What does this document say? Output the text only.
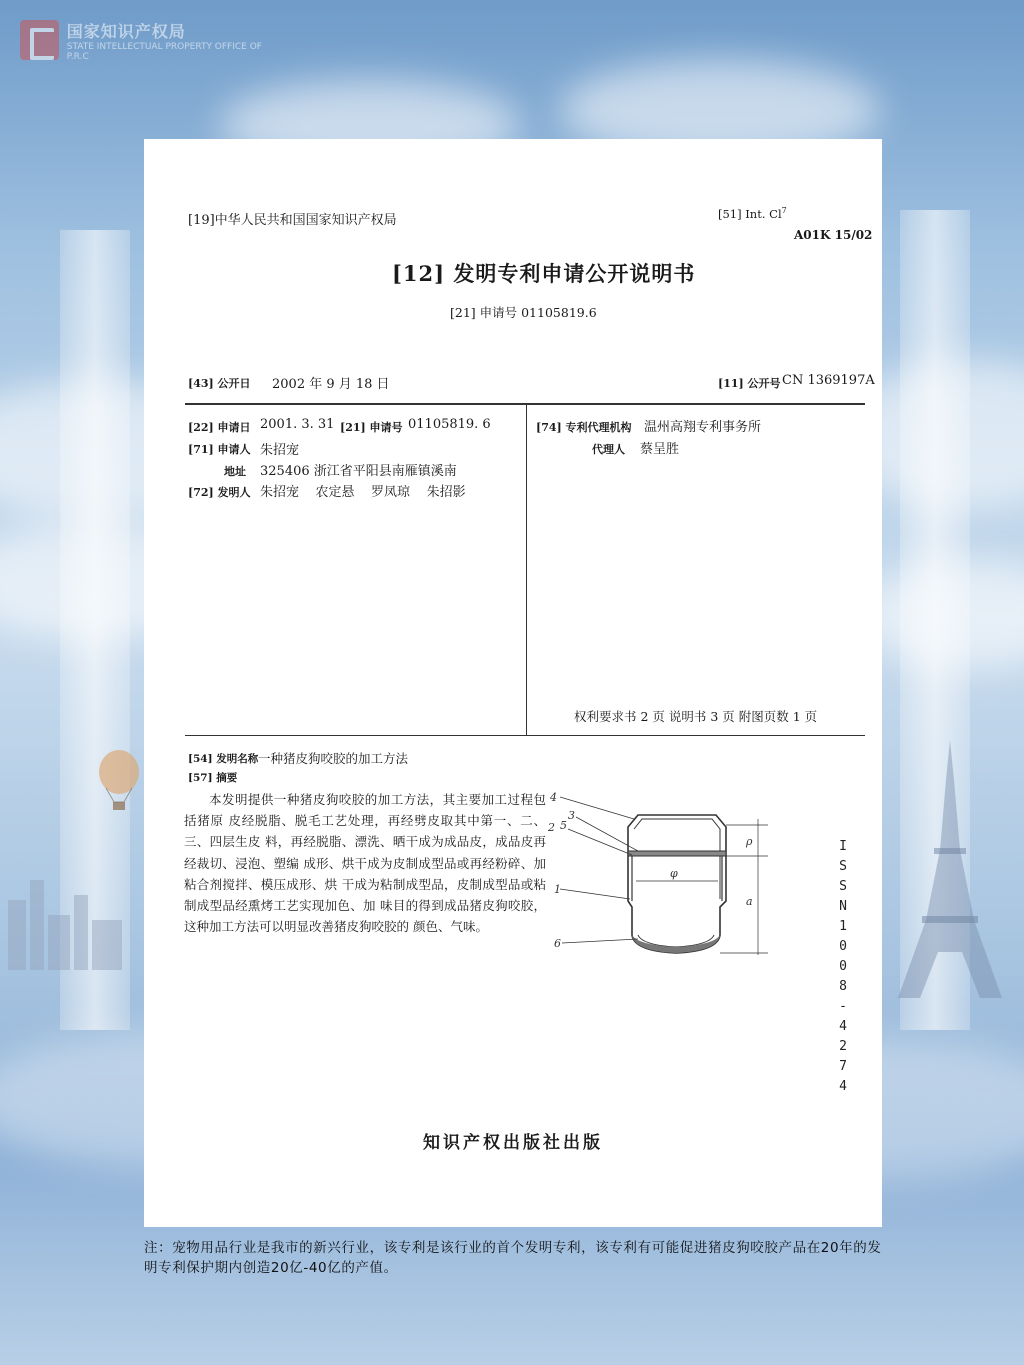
国家知识产权局
STATE INTELLECTUAL PROPERTY OFFICE OF P.R.C
[19]中华人民共和国国家知识产权局	[51] Int. Cl$^7$
A01K 15/02
[12] 发明专利申请公开说明书
[21] 申请号 01105819.6
[43] 公开日 2002 年 9 月 18 日	[11] 公开号 CN 1369197A
[22] 申请日 2001. 3. 31 [21] 申请号 01105819. 6
[71] 申请人 朱招宠
地址 325406 浙江省平阳县南雁镇溪南
[72] 发明人 朱招宠    农定悬    罗凤琼    朱招影
[74] 专利代理机构 温州高翔专利事务所
代理人 蔡呈胜
权利要求书 2 页 说明书 3 页 附图页数 1 页
[54] 发明名称 一种猪皮狗咬胶的加工方法
[57] 摘要
本发明提供一种猪皮狗咬胶的加工方法，其主要加工过程包括猪原 皮经脱脂、脱毛工艺处理，再经劈皮取其中第一、二、三、四层生皮 料，再经脱脂、漂洗、晒干成为成品皮，成品皮再经裁切、浸泡、塑编 成形、烘干成为皮制成型品或再经粉碎、加粘合剂搅拌、模压成形、烘 干成为粘制成型品，皮制成型品或粘制成型品经熏烤工艺实现加色、加 味目的得到成品猪皮狗咬胶，这种加工方法可以明显改善猪皮狗咬胶的 颜色、气味。
4
3
2 5
1
6
φ
a
ρ	ISSN1008-4274
知识产权出版社出版
注：宠物用品行业是我市的新兴行业，该专利是该行业的首个发明专利，该专利有可能促进猪皮狗咬胶产品在20年的发明专利保护期内创造20亿-40亿的产值。
